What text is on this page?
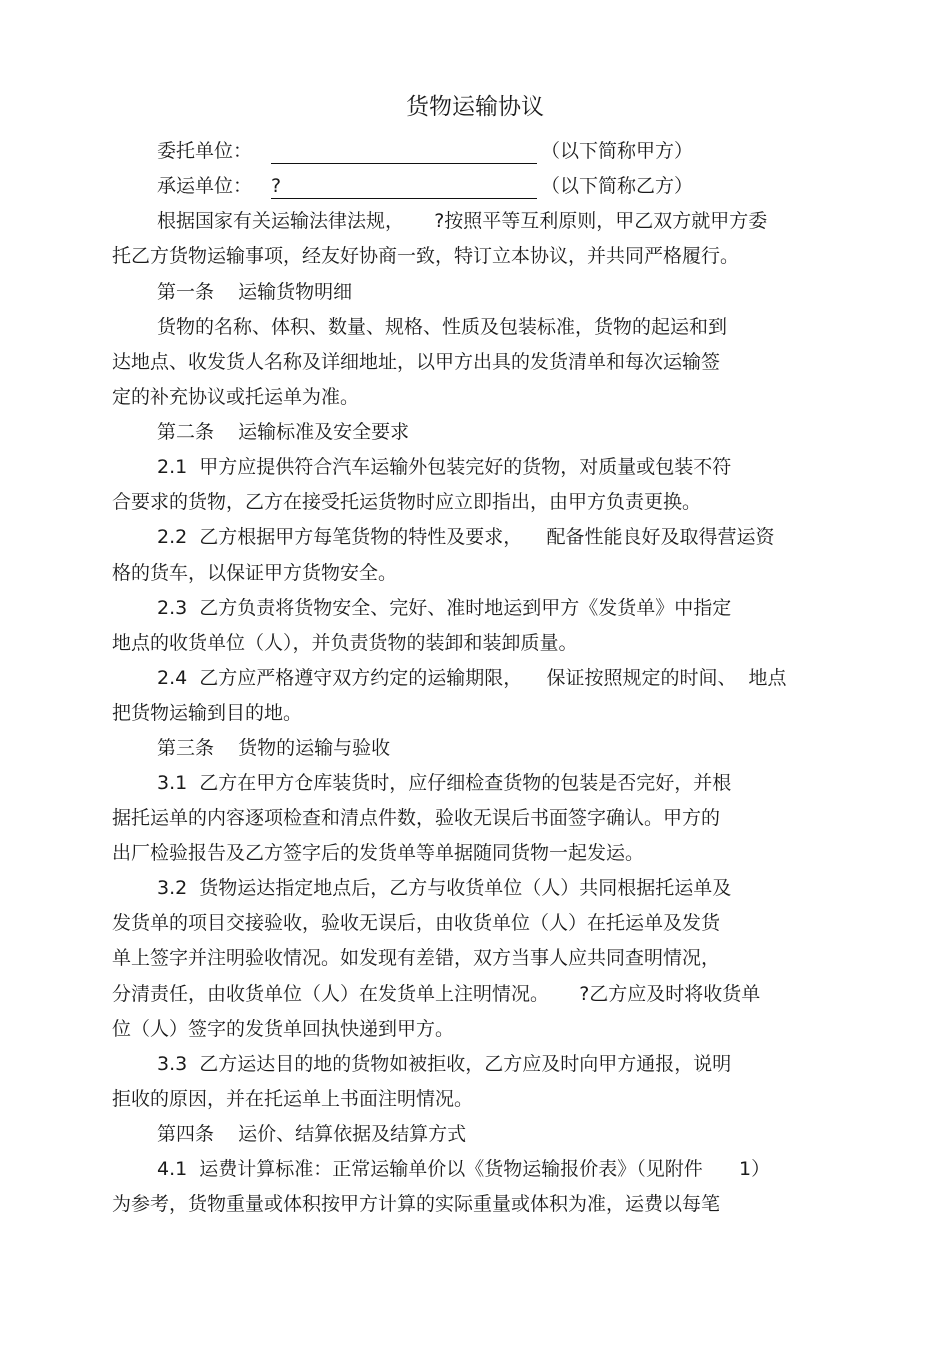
货物运输协议
委托单位：	（以下简称甲方）
承运单位： ?	（以下简称乙方）
根据国家有关运输法律法规，     ?按照平等互利原则，甲乙双方就甲方委
托乙方货物运输事项，经友好协商一致，特订立本协议，并共同严格履行。
第一条    运输货物明细
货物的名称、体积、数量、规格、性质及包装标准，货物的起运和到
达地点、收发货人名称及详细地址，以甲方出具的发货清单和每次运输签
定的补充协议或托运单为准。
第二条    运输标准及安全要求
2.1  甲方应提供符合汽车运输外包装完好的货物，对质量或包装不符
合要求的货物，乙方在接受托运货物时应立即指出，由甲方负责更换。
2.2  乙方根据甲方每笔货物的特性及要求，    配备性能良好及取得营运资
格的货车，以保证甲方货物安全。
2.3  乙方负责将货物安全、完好、准时地运到甲方《发货单》中指定
地点的收货单位（人），并负责货物的装卸和装卸质量。
2.4  乙方应严格遵守双方约定的运输期限，    保证按照规定的时间、  地点
把货物运输到目的地。
第三条    货物的运输与验收
3.1  乙方在甲方仓库装货时，应仔细检查货物的包装是否完好，并根
据托运单的内容逐项检查和清点件数，验收无误后书面签字确认。甲方的
出厂检验报告及乙方签字后的发货单等单据随同货物一起发运。
3.2  货物运达指定地点后，乙方与收货单位（人）共同根据托运单及
发货单的项目交接验收，验收无误后，由收货单位（人）在托运单及发货
单上签字并注明验收情况。如发现有差错，双方当事人应共同查明情况，
分清责任，由收货单位（人）在发货单上注明情况。     ?乙方应及时将收货单
位（人）签字的发货单回执快递到甲方。
3.3  乙方运达目的地的货物如被拒收，乙方应及时向甲方通报，说明
拒收的原因，并在托运单上书面注明情况。
第四条    运价、结算依据及结算方式
4.1  运费计算标准：正常运输单价以《货物运输报价表》（见附件      1）
为参考，货物重量或体积按甲方计算的实际重量或体积为准，运费以每笔
